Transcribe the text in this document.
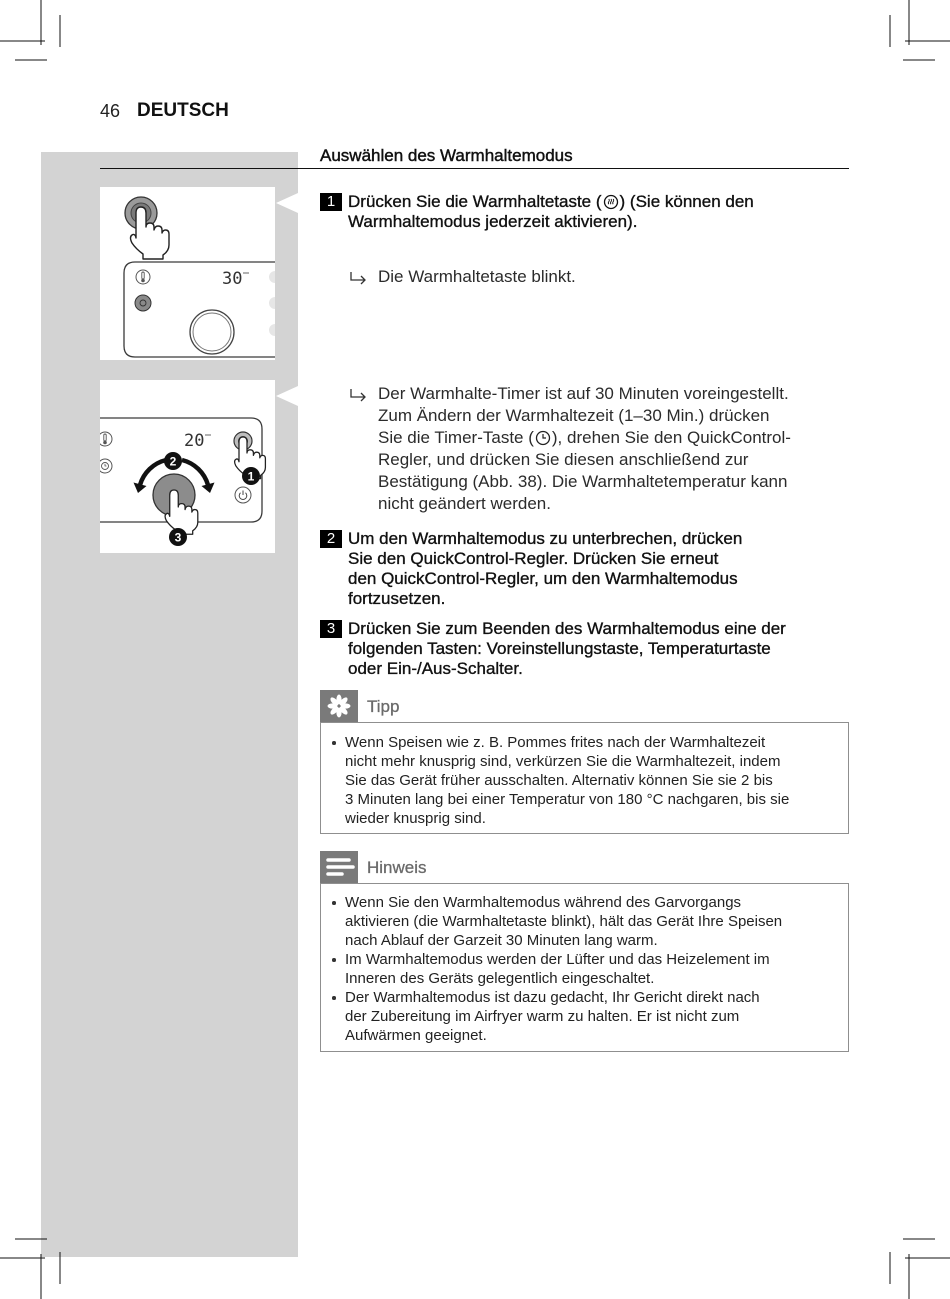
46 DEUTSCH
Auswählen des Warmhaltemodus
30
20
1
2
3
1 Drücken Sie die Warmhaltetaste ( ) (Sie können den
Warmhaltemodus jederzeit aktivieren).
Die Warmhaltetaste blinkt.
Der Warmhalte-Timer ist auf 30 Minuten voreingestellt.
Zum Ändern der Warmhaltezeit (1–30 Min.) drücken
Sie die Timer-Taste ( ), drehen Sie den QuickControl-
Regler, und drücken Sie diesen anschließend zur
Bestätigung (Abb. 38). Die Warmhaltetemperatur kann
nicht geändert werden.
2 Um den Warmhaltemodus zu unterbrechen, drücken
Sie den QuickControl-Regler. Drücken Sie erneut
den QuickControl-Regler, um den Warmhaltemodus
fortzusetzen.
3 Drücken Sie zum Beenden des Warmhaltemodus eine der
folgenden Tasten: Voreinstellungstaste, Temperaturtaste
oder Ein-/Aus-Schalter.
Tipp
Wenn Speisen wie z. B. Pommes frites nach der Warmhaltezeit
nicht mehr knusprig sind, verkürzen Sie die Warmhaltezeit, indem
Sie das Gerät früher ausschalten. Alternativ können Sie sie 2 bis
3 Minuten lang bei einer Temperatur von 180 °C nachgaren, bis sie
wieder knusprig sind.
Hinweis
Wenn Sie den Warmhaltemodus während des Garvorgangs
aktivieren (die Warmhaltetaste blinkt), hält das Gerät Ihre Speisen
nach Ablauf der Garzeit 30 Minuten lang warm.
Im Warmhaltemodus werden der Lüfter und das Heizelement im
Inneren des Geräts gelegentlich eingeschaltet.
Der Warmhaltemodus ist dazu gedacht, Ihr Gericht direkt nach
der Zubereitung im Airfryer warm zu halten. Er ist nicht zum
Aufwärmen geeignet.
